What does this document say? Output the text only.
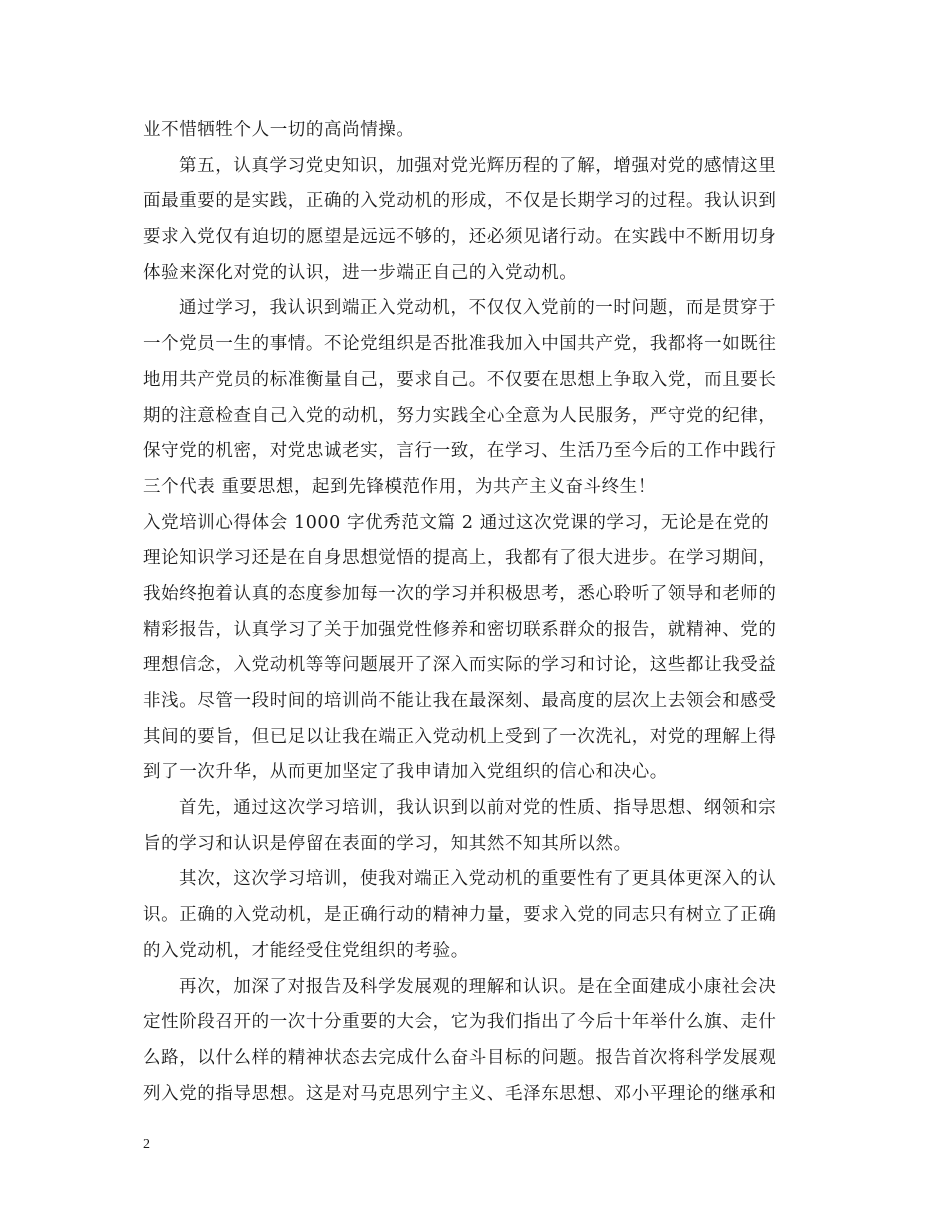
业不惜牺牲个人一切的高尚情操。
第五，认真学习党史知识，加强对党光辉历程的了解，增强对党的感情这里
面最重要的是实践，正确的入党动机的形成，不仅是长期学习的过程。我认识到
要求入党仅有迫切的愿望是远远不够的，还必须见诸行动。在实践中不断用切身
体验来深化对党的认识，进一步端正自己的入党动机。
通过学习，我认识到端正入党动机，不仅仅入党前的一时问题，而是贯穿于
一个党员一生的事情。不论党组织是否批准我加入中国共产党，我都将一如既往
地用共产党员的标准衡量自己，要求自己。不仅要在思想上争取入党，而且要长
期的注意检查自己入党的动机，努力实践全心全意为人民服务，严守党的纪律，
保守党的机密，对党忠诚老实，言行一致，在学习、生活乃至今后的工作中践行
三个代表 重要思想，起到先锋模范作用，为共产主义奋斗终生！
入党培训心得体会 1000 字优秀范文篇 2 通过这次党课的学习，无论是在党的
理论知识学习还是在自身思想觉悟的提高上，我都有了很大进步。在学习期间，
我始终抱着认真的态度参加每一次的学习并积极思考，悉心聆听了领导和老师的
精彩报告，认真学习了关于加强党性修养和密切联系群众的报告，就精神、党的
理想信念，入党动机等等问题展开了深入而实际的学习和讨论，这些都让我受益
非浅。尽管一段时间的培训尚不能让我在最深刻、最高度的层次上去领会和感受
其间的要旨，但已足以让我在端正入党动机上受到了一次洗礼，对党的理解上得
到了一次升华，从而更加坚定了我申请加入党组织的信心和决心。
首先，通过这次学习培训，我认识到以前对党的性质、指导思想、纲领和宗
旨的学习和认识是停留在表面的学习，知其然不知其所以然。
其次，这次学习培训，使我对端正入党动机的重要性有了更具体更深入的认
识。正确的入党动机，是正确行动的精神力量，要求入党的同志只有树立了正确
的入党动机，才能经受住党组织的考验。
再次，加深了对报告及科学发展观的理解和认识。是在全面建成小康社会决
定性阶段召开的一次十分重要的大会，它为我们指出了今后十年举什么旗、走什
么路，以什么样的精神状态去完成什么奋斗目标的问题。报告首次将科学发展观
列入党的指导思想。这是对马克思列宁主义、毛泽东思想、邓小平理论的继承和
2
